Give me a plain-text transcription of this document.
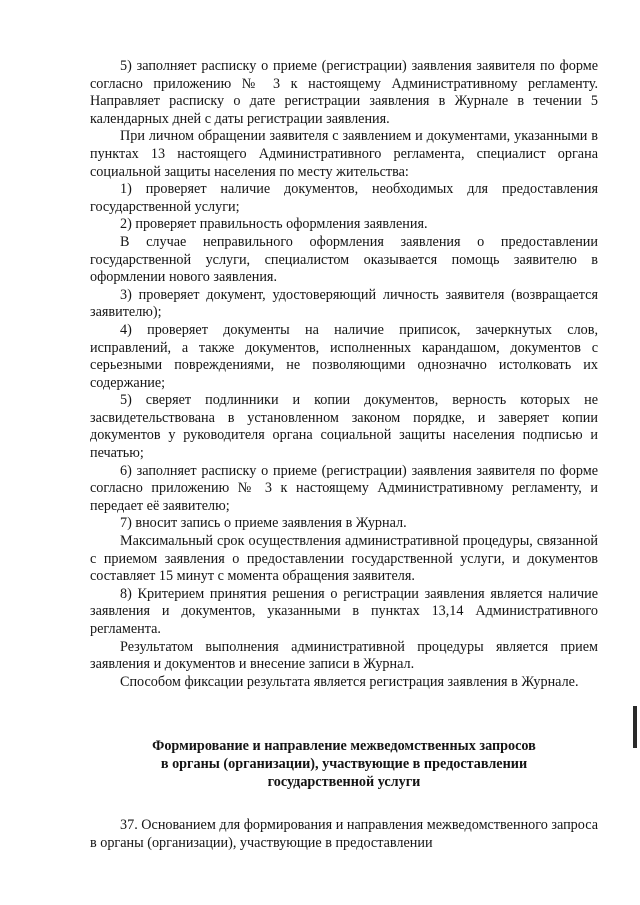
5) заполняет расписку о приеме (регистрации) заявления заявителя по форме согласно приложению № 3 к настоящему Административному регламенту. Направляет расписку о дате регистрации заявления в Журнале в течении 5 календарных дней с даты регистрации заявления.

При личном обращении заявителя с заявлением и документами, указанными в пунктах 13 настоящего Административного регламента, специалист органа социальной защиты населения по месту жительства:

1) проверяет наличие документов, необходимых для предоставления государственной услуги;

2) проверяет правильность оформления заявления.

В случае неправильного оформления заявления о предоставлении государственной услуги, специалистом оказывается помощь заявителю в оформлении нового заявления.

3) проверяет документ, удостоверяющий личность заявителя (возвращается заявителю);

4) проверяет документы на наличие приписок, зачеркнутых слов, исправлений, а также документов, исполненных карандашом, документов с серьезными повреждениями, не позволяющими однозначно истолковать их содержание;

5) сверяет подлинники и копии документов, верность которых не засвидетельствована в установленном законом порядке, и заверяет копии документов у руководителя органа социальной защиты населения подписью и печатью;

6) заполняет расписку о приеме (регистрации) заявления заявителя по форме согласно приложению № 3 к настоящему Административному регламенту, и передает её заявителю;

7) вносит запись о приеме заявления в Журнал.

Максимальный срок осуществления административной процедуры, связанной с приемом заявления о предоставлении государственной услуги, и документов составляет 15 минут с момента обращения заявителя.

8) Критерием принятия решения о регистрации заявления является наличие заявления и документов, указанными в пунктах 13,14 Административного регламента.

Результатом выполнения административной процедуры является прием заявления и документов и внесение записи в Журнал.

Способом фиксации результата является регистрация заявления в Журнале.

Формирование и направление межведомственных запросов в органы (организации), участвующие в предоставлении государственной услуги

37. Основанием для формирования и направления межведомственного запроса в органы (организации), участвующие в предоставлении
